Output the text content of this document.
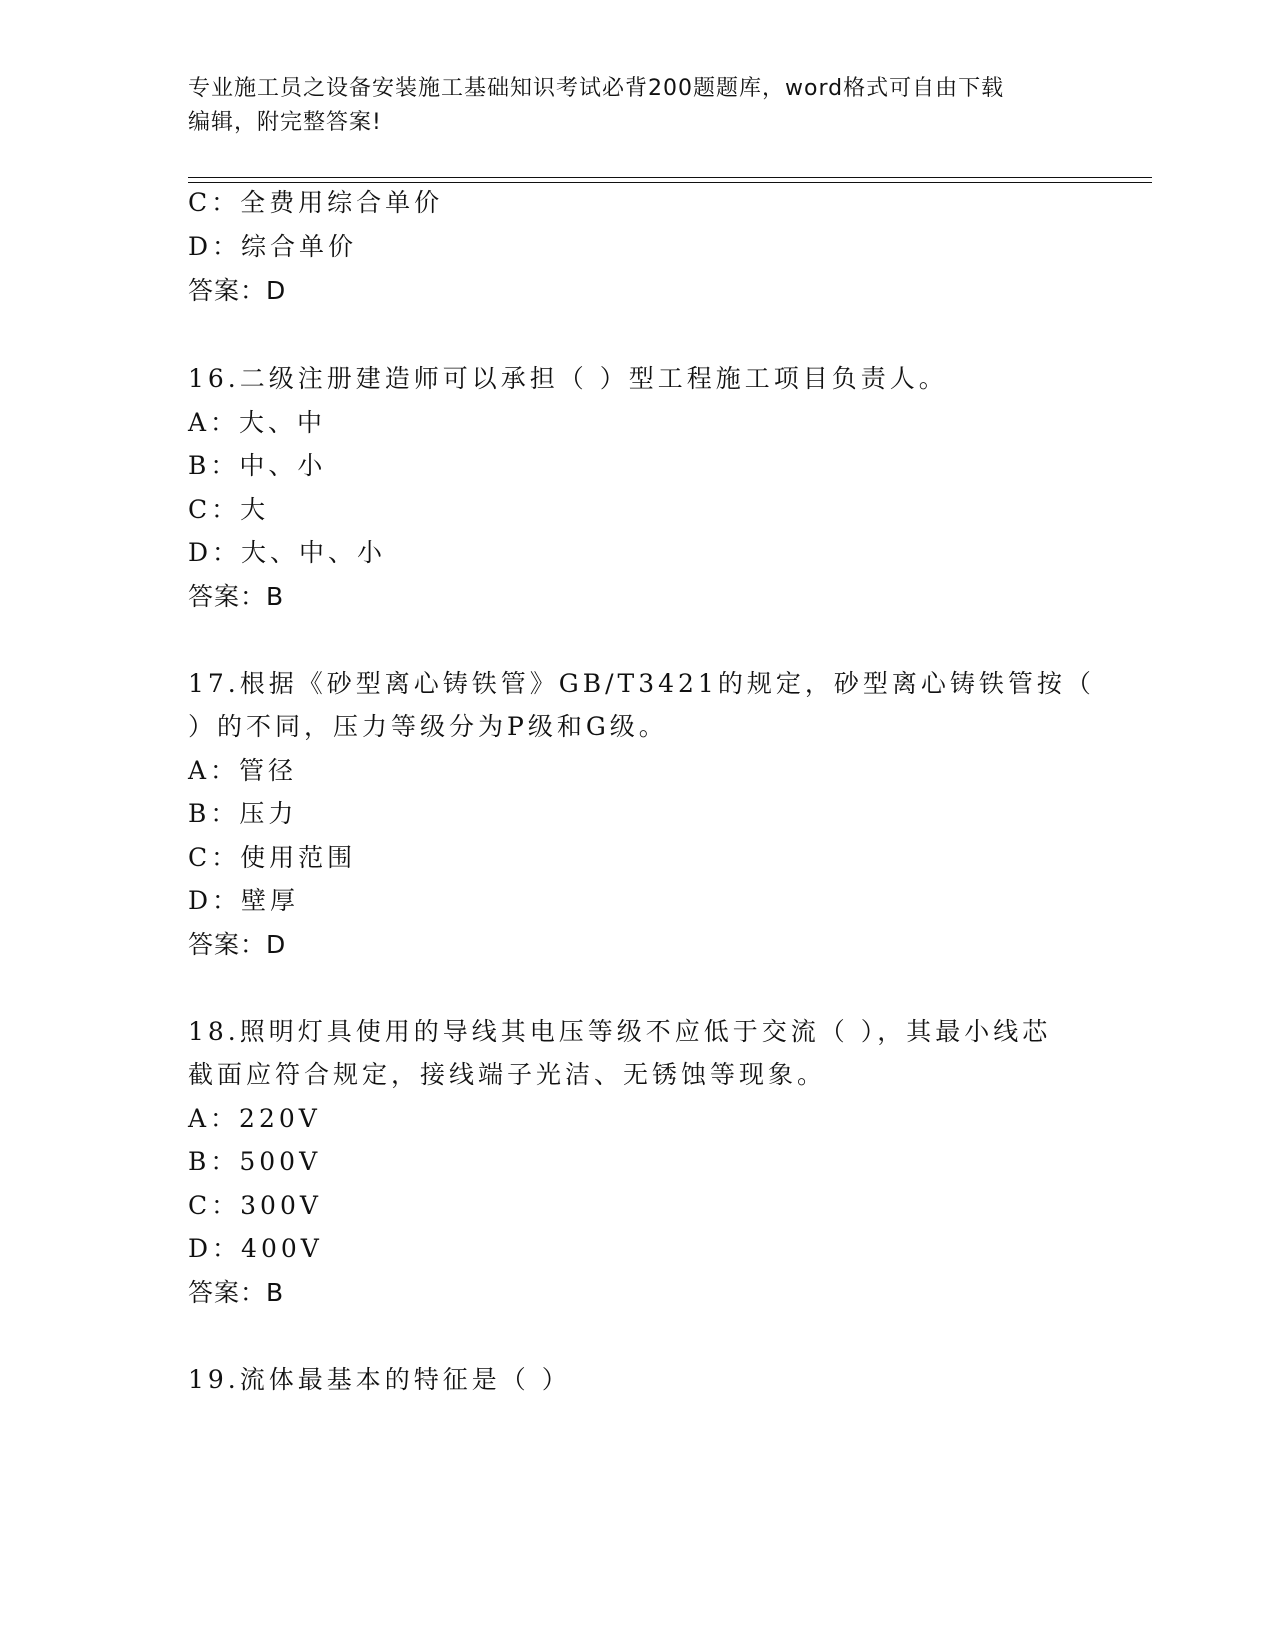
专业施工员之设备安装施工基础知识考试必背200题题库，word格式可自由下载
编辑，附完整答案!
C：全费用综合单价
D：综合单价
答案：D
16.二级注册建造师可以承担（ ）型工程施工项目负责人。
A：大、中
B：中、小
C：大
D：大、中、小
答案：B
17.根据《砂型离心铸铁管》GB/T3421的规定，砂型离心铸铁管按（
）的不同，压力等级分为P级和G级。
A：管径
B：压力
C：使用范围
D：壁厚
答案：D
18.照明灯具使用的导线其电压等级不应低于交流（ ），其最小线芯
截面应符合规定，接线端子光洁、无锈蚀等现象。
A：220V
B：500V
C：300V
D：400V
答案：B
19.流体最基本的特征是（ ）
